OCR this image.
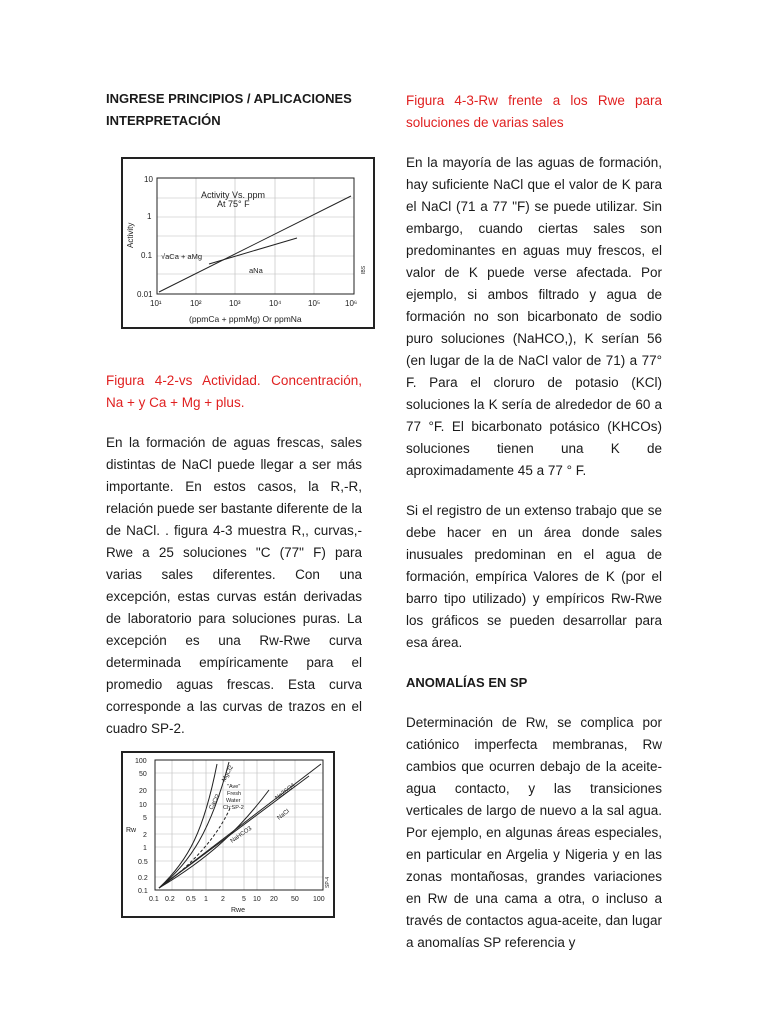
INGRESE PRINCIPIOS / APLICACIONES INTERPRETACIÓN

Activity Vs. ppm
At 75° F
√aCa + aMg
aNa
10
1
0.1
0.01
10¹	10²	10³	10⁴	10⁵	10⁶
(ppmCa + ppmMg) Or ppmNa
Activity
IBS

Figura 4-2-vs Actividad. Concentración, Na + y Ca + Mg + plus.

En la formación de aguas frescas, sales distintas de NaCl puede llegar a ser más importante. En estos casos, la R,-R, relación puede ser bastante diferente de la de NaCl. . figura 4-3 muestra R,, curvas,-Rwe a 25 soluciones "C (77" F) para varias sales diferentes. Con una excepción, estas curvas están derivadas de laboratorio para soluciones puras. La excepción es una Rw-Rwe curva determinada empíricamente para el promedio aguas frescas. Esta curva corresponde a las curvas de trazos en el cuadro SP-2.

CaCl2
MgCl2
"Ave"
Fresh
Water
Ch SP-2
NaHCO3
Na2SO4
NaCl
100
50
20
10
5
2
1
0.5
0.2
0.1
Rw
0.1 0.2 0.5 1 2 5 10 20 50 100
Rwe
SP-4

Figura 4-3-Rw frente a los Rwe para soluciones de varias sales

En la mayoría de las aguas de formación, hay suficiente NaCl que el valor de K para el NaCl (71 a 77 "F) se puede utilizar. Sin embargo, cuando ciertas sales son predominantes en aguas muy frescos, el valor de K puede verse afectada. Por ejemplo, si ambos filtrado y agua de formación no son bicarbonato de sodio puro soluciones (NaHCO,), K serían 56 (en lugar de la de NaCl valor de 71) a 77° F. Para el cloruro de potasio (KCl) soluciones la K sería de alrededor de 60 a 77 °F. El bicarbonato potásico (KHCOs) soluciones tienen una K de aproximadamente 45 a 77 ° F.

Si el registro de un extenso trabajo que se debe hacer en un área donde sales inusuales predominan en el agua de formación, empírica Valores de K (por el barro tipo utilizado) y empíricos Rw-Rwe los gráficos se pueden desarrollar para esa área.

ANOMALÍAS EN SP

Determinación de Rw, se complica por catiónico imperfecta membranas, Rw cambios que ocurren debajo de la aceite-agua contacto, y las transiciones verticales de largo de nuevo a la sal agua. Por ejemplo, en algunas áreas especiales, en particular en Argelia y Nigeria y en las zonas montañosas, grandes variaciones en Rw de una cama a otra, o incluso a través de contactos agua-aceite, dan lugar a anomalías SP referencia y
